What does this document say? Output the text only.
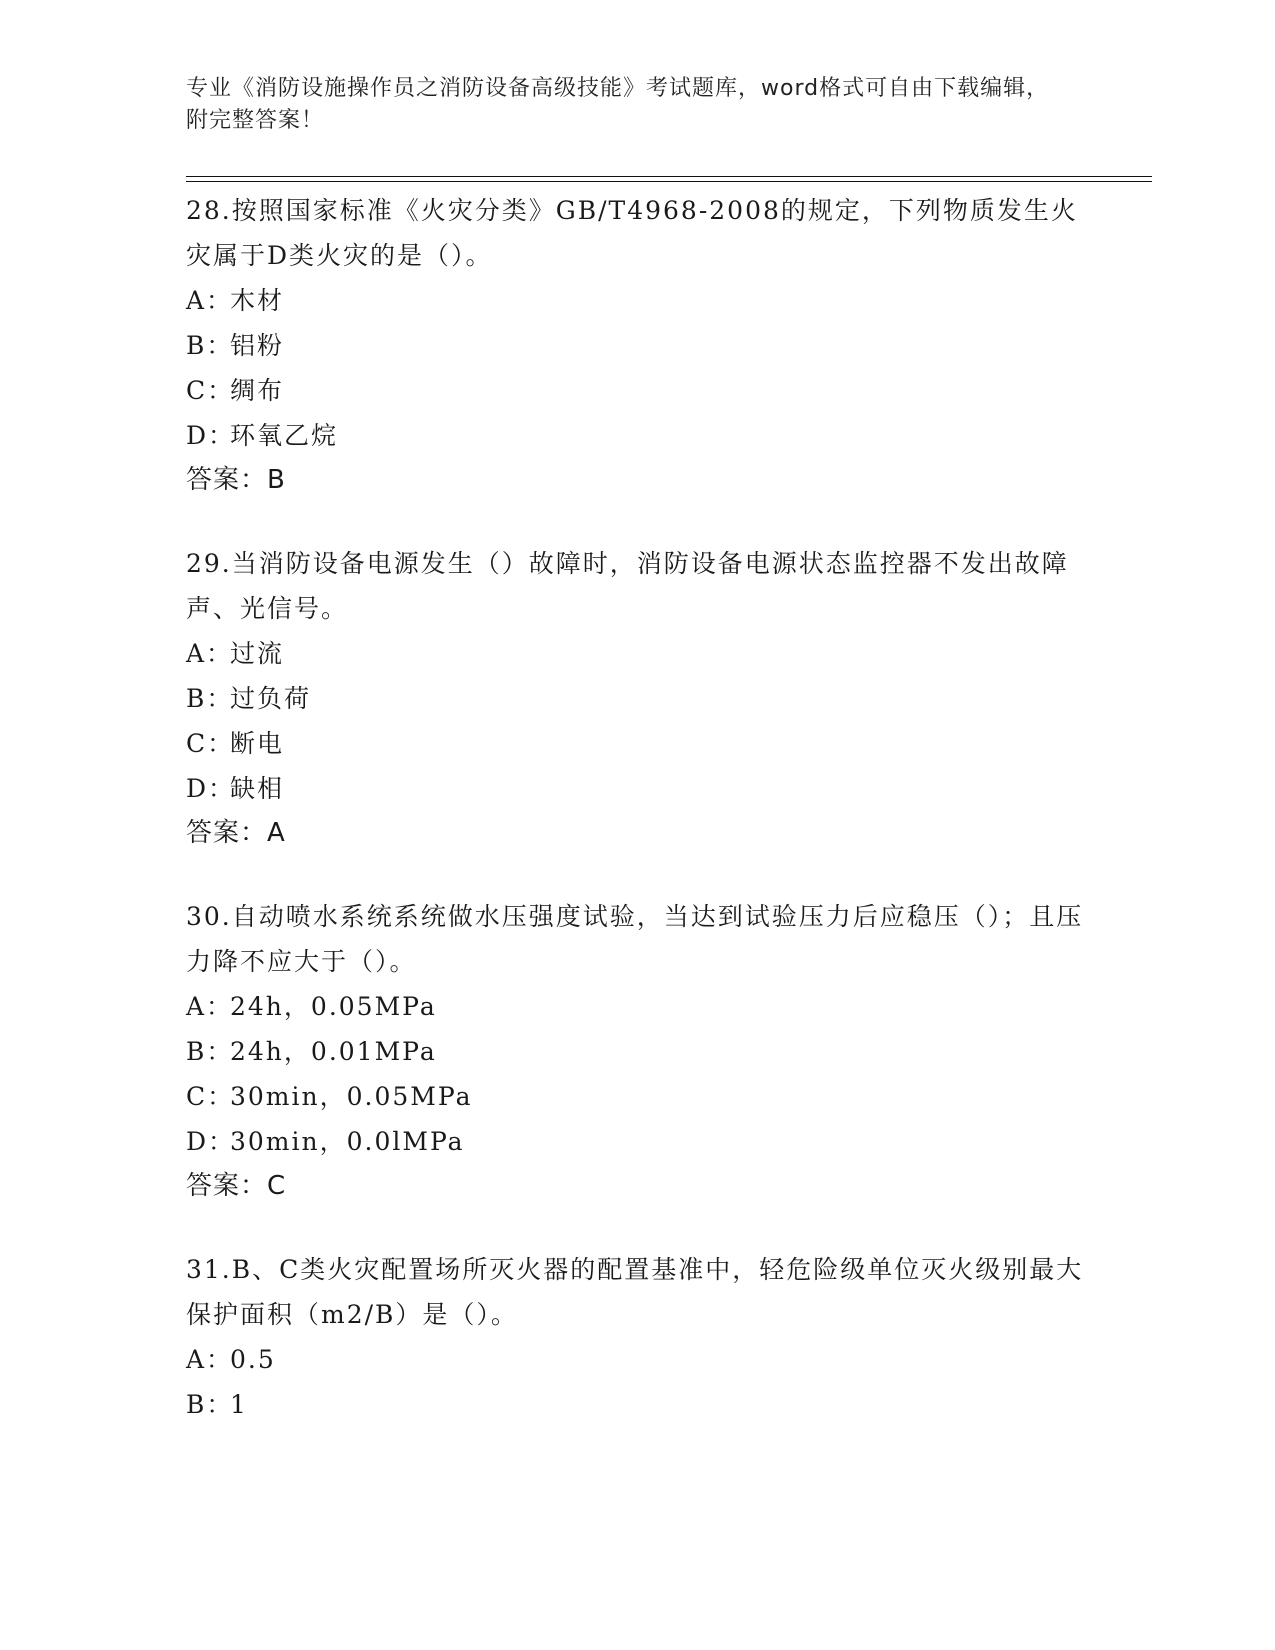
专业《消防设施操作员之消防设备高级技能》考试题库，word格式可自由下载编辑，附完整答案！

28.按照国家标准《火灾分类》GB/T4968-2008的规定，下列物质发生火灾属于D类火灾的是（）。

A：木材
B：铝粉
C：绸布
D：环氧乙烷
答案：B

29.当消防设备电源发生（）故障时，消防设备电源状态监控器不发出故障声、光信号。

A：过流
B：过负荷
C：断电
D：缺相
答案：A

30.自动喷水系统系统做水压强度试验，当达到试验压力后应稳压（）；且压力降不应大于（）。

A：24h，0.05MPa
B：24h，0.01MPa
C：30min，0.05MPa
D：30min，0.0lMPa
答案：C

31.B、C类火灾配置场所灭火器的配置基准中，轻危险级单位灭火级别最大保护面积（m2/B）是（）。

A：0.5
B：1
